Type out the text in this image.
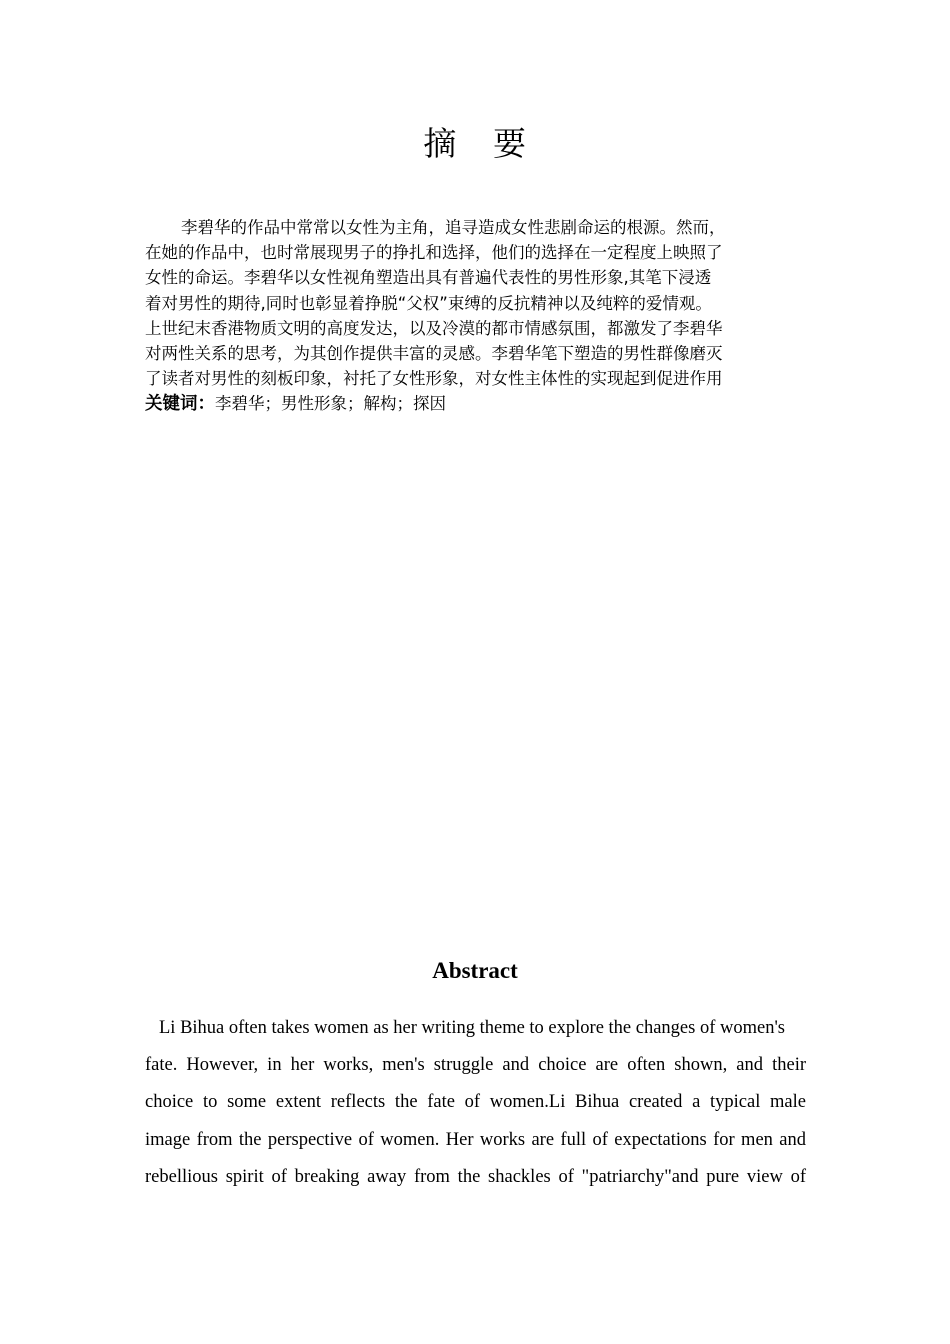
摘 要
李碧华的作品中常常以女性为主角，追寻造成女性悲剧命运的根源。然而，
在她的作品中，也时常展现男子的挣扎和选择，他们的选择在一定程度上映照了
女性的命运。李碧华以女性视角塑造出具有普遍代表性的男性形象,其笔下浸透
着对男性的期待,同时也彰显着挣脱“父权”束缚的反抗精神以及纯粹的爱情观。
上世纪末香港物质文明的高度发达，以及冷漠的都市情感氛围，都激发了李碧华
对两性关系的思考，为其创作提供丰富的灵感。李碧华笔下塑造的男性群像磨灭
了读者对男性的刻板印象，衬托了女性形象，对女性主体性的实现起到促进作用
关键词：李碧华；男性形象；解构；探因
Abstract
Li Bihua often takes women as her writing theme to explore the changes of women's
fate. However, in her works, men's struggle and choice are often shown, and their
choice to some extent reflects the fate of women.Li Bihua created a typical male
image from the perspective of women. Her works are full of expectations for men and
rebellious spirit of breaking away from the shackles of "patriarchy"and pure view of
